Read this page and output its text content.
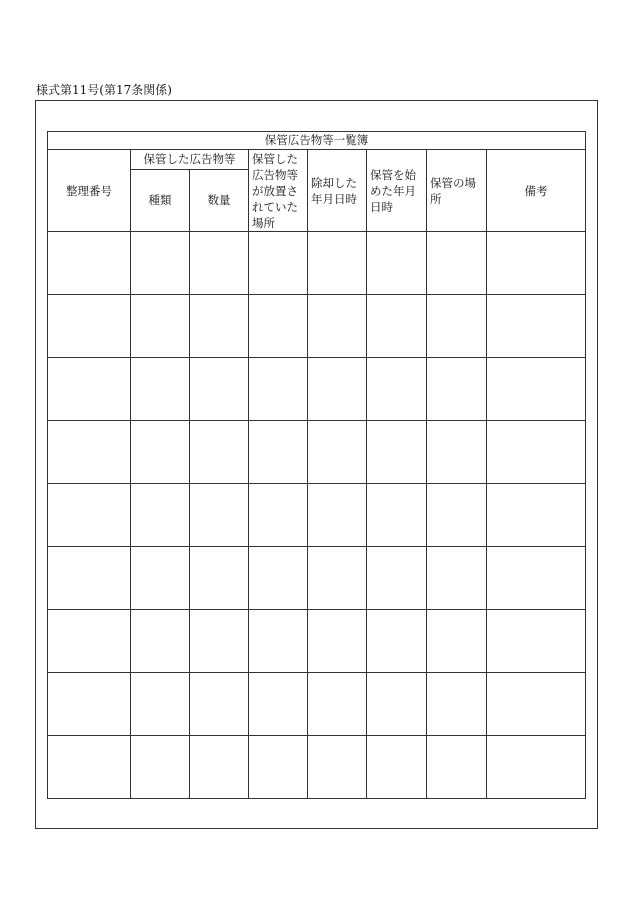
様式第11号(第17条関係)
保管広告物等一覧簿							
整理番号	保管した広告物等		保管した広告物等が放置されていた場所	除却した年月日時	保管を始めた年月日時	保管の場所	備考
	種類	数量					
